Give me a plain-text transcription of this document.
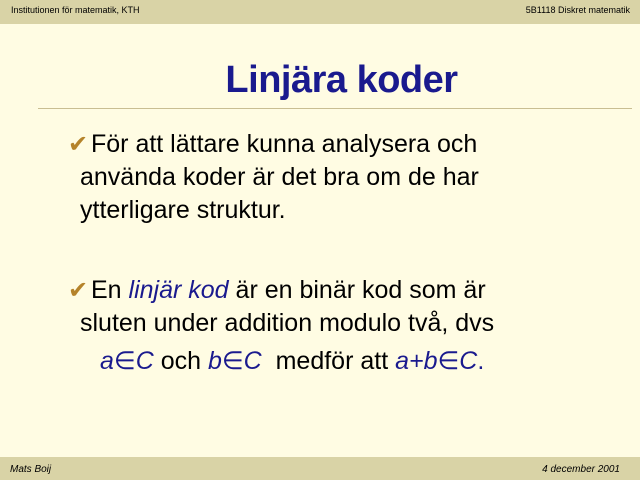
Institutionen för matematik, KTH	5B1118 Diskret matematik
Linjära koder
✔ För att lättare kunna analysera och
använda koder är det bra om de har
ytterligare struktur.
✔ En linjär kod är en binär kod som är
sluten under addition modulo två, dvs
a∈C och b∈C  medför att a+b∈C.
Mats Boij	4 december 2001
